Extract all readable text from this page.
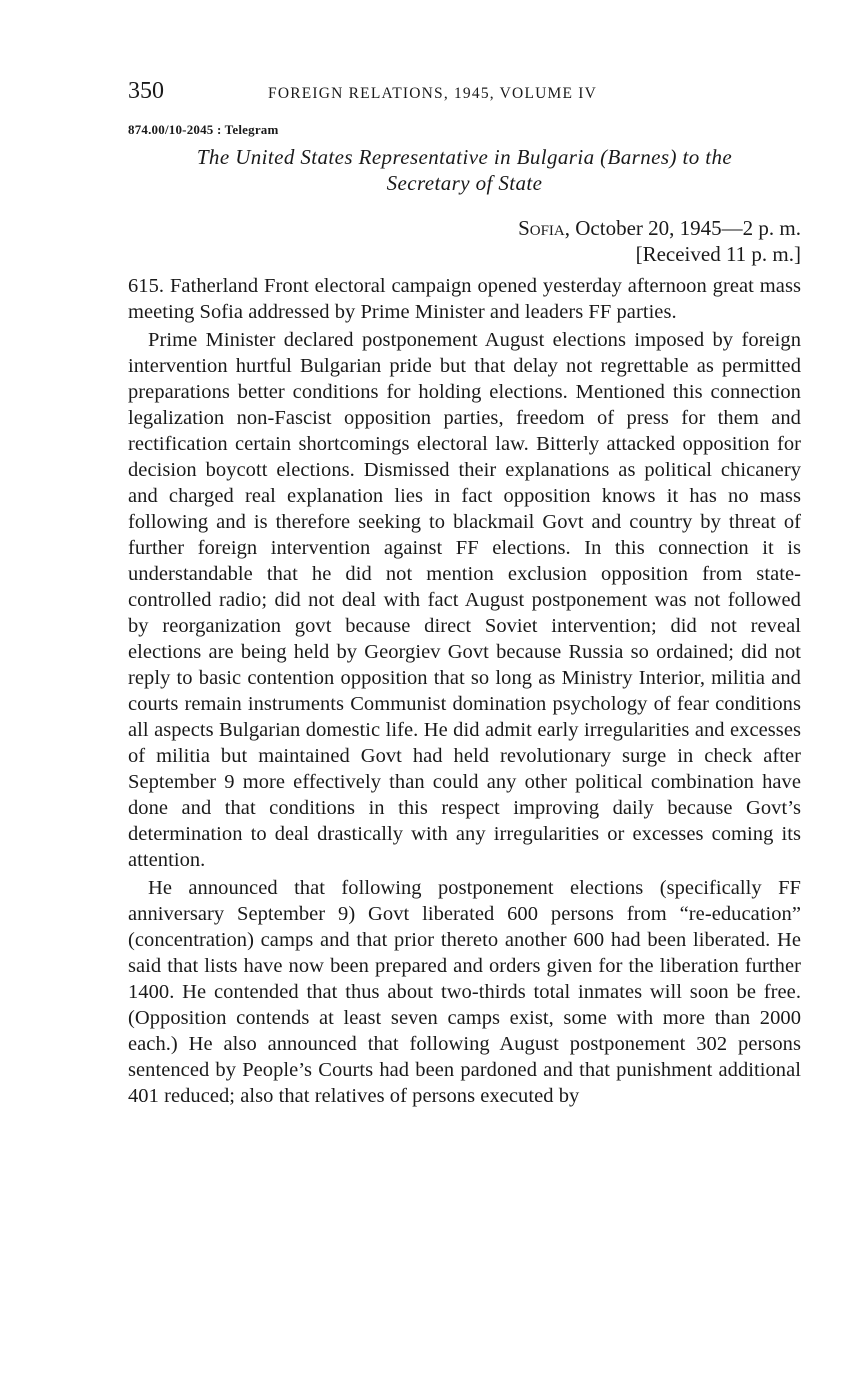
350	FOREIGN RELATIONS, 1945, VOLUME IV
874.00/10-2045 : Telegram
The United States Representative in Bulgaria (Barnes) to the
Secretary of State
Sofia, October 20, 1945—2 p. m.
[Received 11 p. m.]

615. Fatherland Front electoral campaign opened yesterday afternoon great mass meeting Sofia addressed by Prime Minister and leaders FF parties.

Prime Minister declared postponement August elections imposed by foreign intervention hurtful Bulgarian pride but that delay not regrettable as permitted preparations better conditions for holding elections. Mentioned this connection legalization non-Fascist opposition parties, freedom of press for them and rectification certain shortcomings electoral law. Bitterly attacked opposition for decision boycott elections. Dismissed their explanations as political chicanery and charged real explanation lies in fact opposition knows it has no mass following and is therefore seeking to blackmail Govt and country by threat of further foreign intervention against FF elections. In this connection it is understandable that he did not mention exclusion opposition from state-controlled radio; did not deal with fact August postponement was not followed by reorganization govt because direct Soviet intervention; did not reveal elections are being held by Georgiev Govt because Russia so ordained; did not reply to basic contention opposition that so long as Ministry Interior, militia and courts remain instruments Communist domination psychology of fear conditions all aspects Bulgarian domestic life. He did admit early irregularities and excesses of militia but maintained Govt had held revolutionary surge in check after September 9 more effectively than could any other political combination have done and that conditions in this respect improving daily because Govt’s determination to deal drastically with any irregularities or excesses coming its attention.

He announced that following postponement elections (specifically FF anniversary September 9) Govt liberated 600 persons from “re-education” (concentration) camps and that prior thereto another 600 had been liberated. He said that lists have now been prepared and orders given for the liberation further 1400. He contended that thus about two-thirds total inmates will soon be free. (Opposition contends at least seven camps exist, some with more than 2000 each.) He also announced that following August postponement 302 persons sentenced by People’s Courts had been pardoned and that punishment additional 401 reduced; also that relatives of persons executed by
